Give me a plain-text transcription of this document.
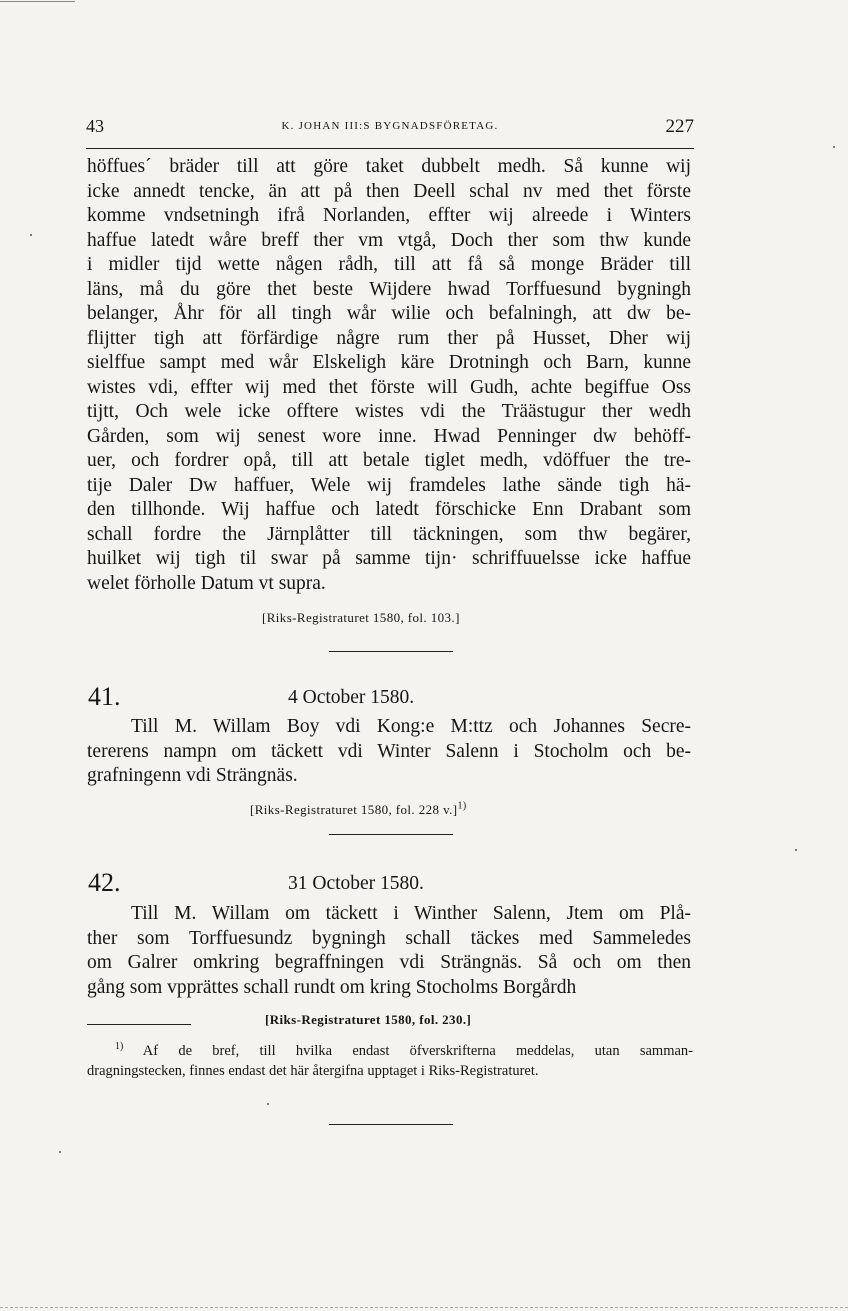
43	K. JOHAN III:S BYGNADSFÖRETAG.	227
höffues´ bräder till att göre taket dubbelt medh. Så kunne wij
icke annedt tencke, än att på then Deell schal nv med thet förste
komme vndsetningh ifrå Norlanden, effter wij alreede i Winters
haffue latedt wåre breff ther vm vtgå, Doch ther som thw kunde
i midler tijd wette någen rådh, till att få så monge Bräder till
läns, må du göre thet beste Wijdere hwad Torffuesund bygningh
belanger, Åhr för all tingh wår wilie och befalningh, att dw be-
flijtter tigh att förfärdige någre rum ther på Husset, Dher wij
sielffue sampt med wår Elskeligh käre Drotningh och Barn, kunne
wistes vdi, effter wij med thet förste will Gudh, achte begiffue Oss
tijtt, Och wele icke offtere wistes vdi the Träästugur ther wedh
Gården, som wij senest wore inne. Hwad Penninger dw behöff-
uer, och fordrer opå, till att betale tiglet medh, vdöffuer the tre-
tije Daler Dw haffuer, Wele wij framdeles lathe sände tigh hä-
den tillhonde. Wij haffue och latedt förschicke Enn Drabant som
schall fordre the Järnplåtter till täckningen, som thw begärer,
huilket wij tigh til swar på samme tijn· schriffuuelsse icke haffue
welet förholle Datum vt supra.
[Riks-Registraturet 1580, fol. 103.]
41.	4 October 1580.
Till M. Willam Boy vdi Kong:e M:ttz och Johannes Secre-
tererens nampn om täckett vdi Winter Salenn i Stocholm och be-
grafningenn vdi Strängnäs.
[Riks-Registraturet 1580, fol. 228 v.]$^{1)}$
42.	31 October 1580.
Till M. Willam om täckett i Winther Salenn, Jtem om Plå-
ther som Torffuesundz bygningh schall täckes med Sammeledes
om Galrer omkring begraffningen vdi Strängnäs. Så och om then
gång som vpprättes schall rundt om kring Stocholms Borgårdh
[Riks-Registraturet 1580, fol. 230.]
$^{1)}$ Af de bref, till hvilka endast öfverskrifterna meddelas, utan samman-
dragningstecken, finnes endast det här återgifna upptaget i Riks-Registraturet.
